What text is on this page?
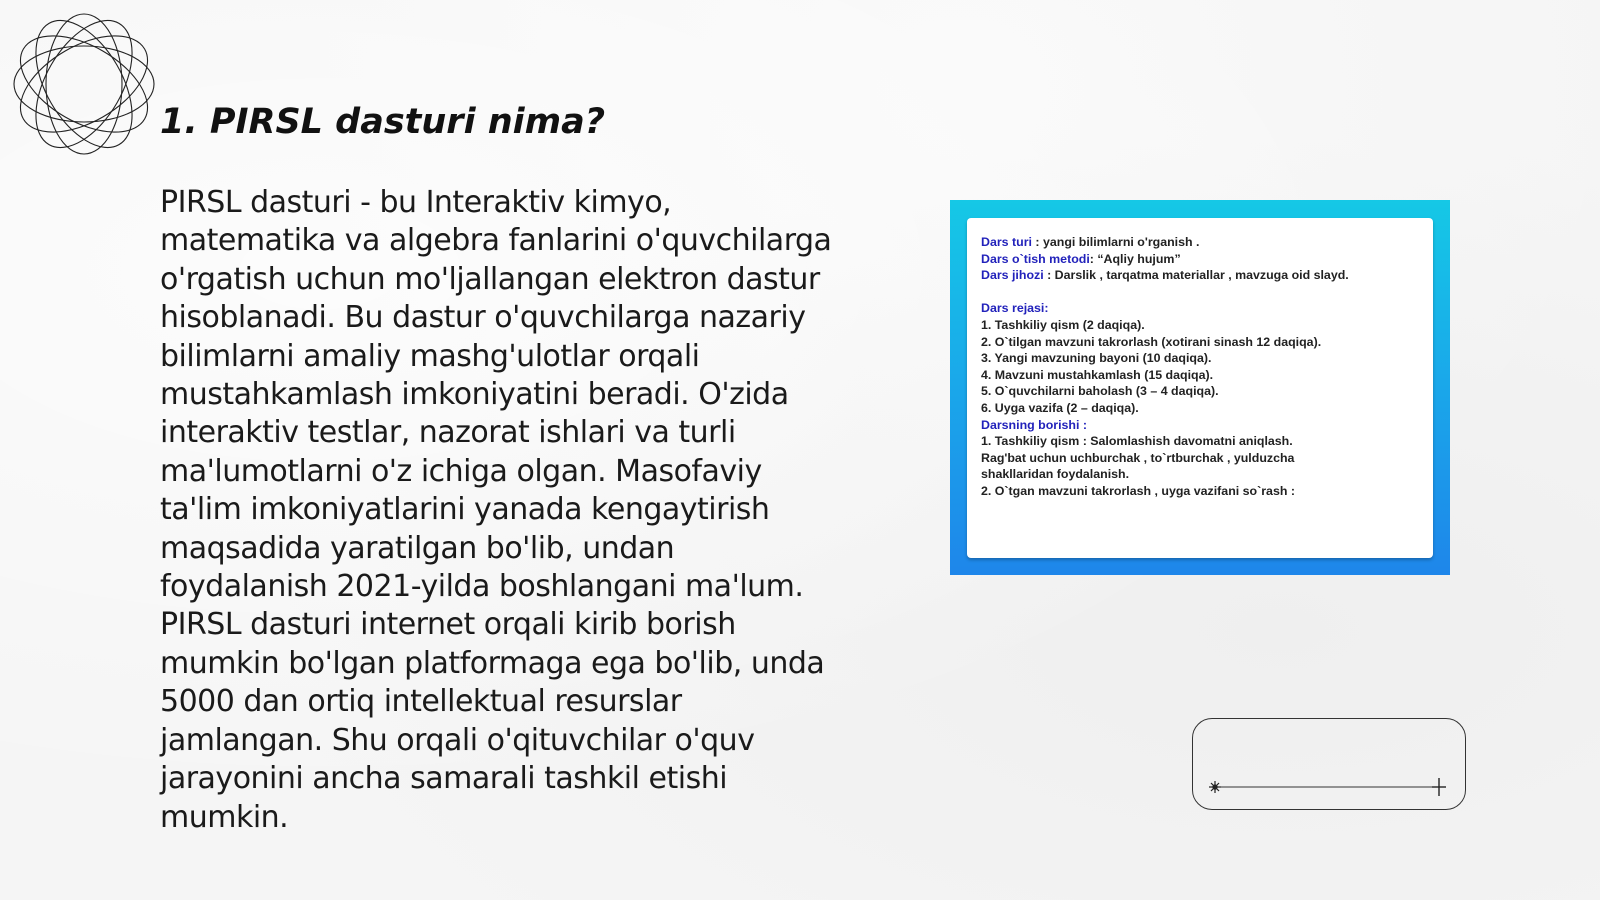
1. PIRSL dasturi nima?

PIRSL dasturi - bu Interaktiv kimyo, matematika va algebra fanlarini o'quvchilarga o'rgatish uchun mo'ljallangan elektron dastur hisoblanadi. Bu dastur o'quvchilarga nazariy bilimlarni amaliy mashg'ulotlar orqali mustahkamlash imkoniyatini beradi. O'zida interaktiv testlar, nazorat ishlari va turli ma'lumotlarni o'z ichiga olgan. Masofaviy ta'lim imkoniyatlarini yanada kengaytirish maqsadida yaratilgan bo'lib, undan foydalanish 2021-yilda boshlangani ma'lum. PIRSL dasturi internet orqali kirib borish mumkin bo'lgan platformaga ega bo'lib, unda 5000 dan ortiq intellektual resurslar jamlangan. Shu orqali o'qituvchilar o'quv jarayonini ancha samarali tashkil etishi mumkin.

Dars turi : yangi bilimlarni o'rganish .
Dars o`tish metodi: “Aqliy hujum”
Dars jihozi : Darslik , tarqatma materiallar , mavzuga oid slayd.
Dars rejasi:
1. Tashkiliy qism (2 daqiqa).
2. O`tilgan mavzuni takrorlash (xotirani sinash 12 daqiqa).
3. Yangi mavzuning bayoni (10 daqiqa).
4. Mavzuni mustahkamlash (15 daqiqa).
5. O`quvchilarni baholash (3 – 4 daqiqa).
6. Uyga vazifa (2 – daqiqa).
Darsning borishi :
1. Tashkiliy qism : Salomlashish davomatni aniqlash.
Rag'bat uchun uchburchak , to`rtburchak , yulduzcha
shakllaridan foydalanish.
2. O`tgan mavzuni takrorlash , uyga vazifani so`rash :
